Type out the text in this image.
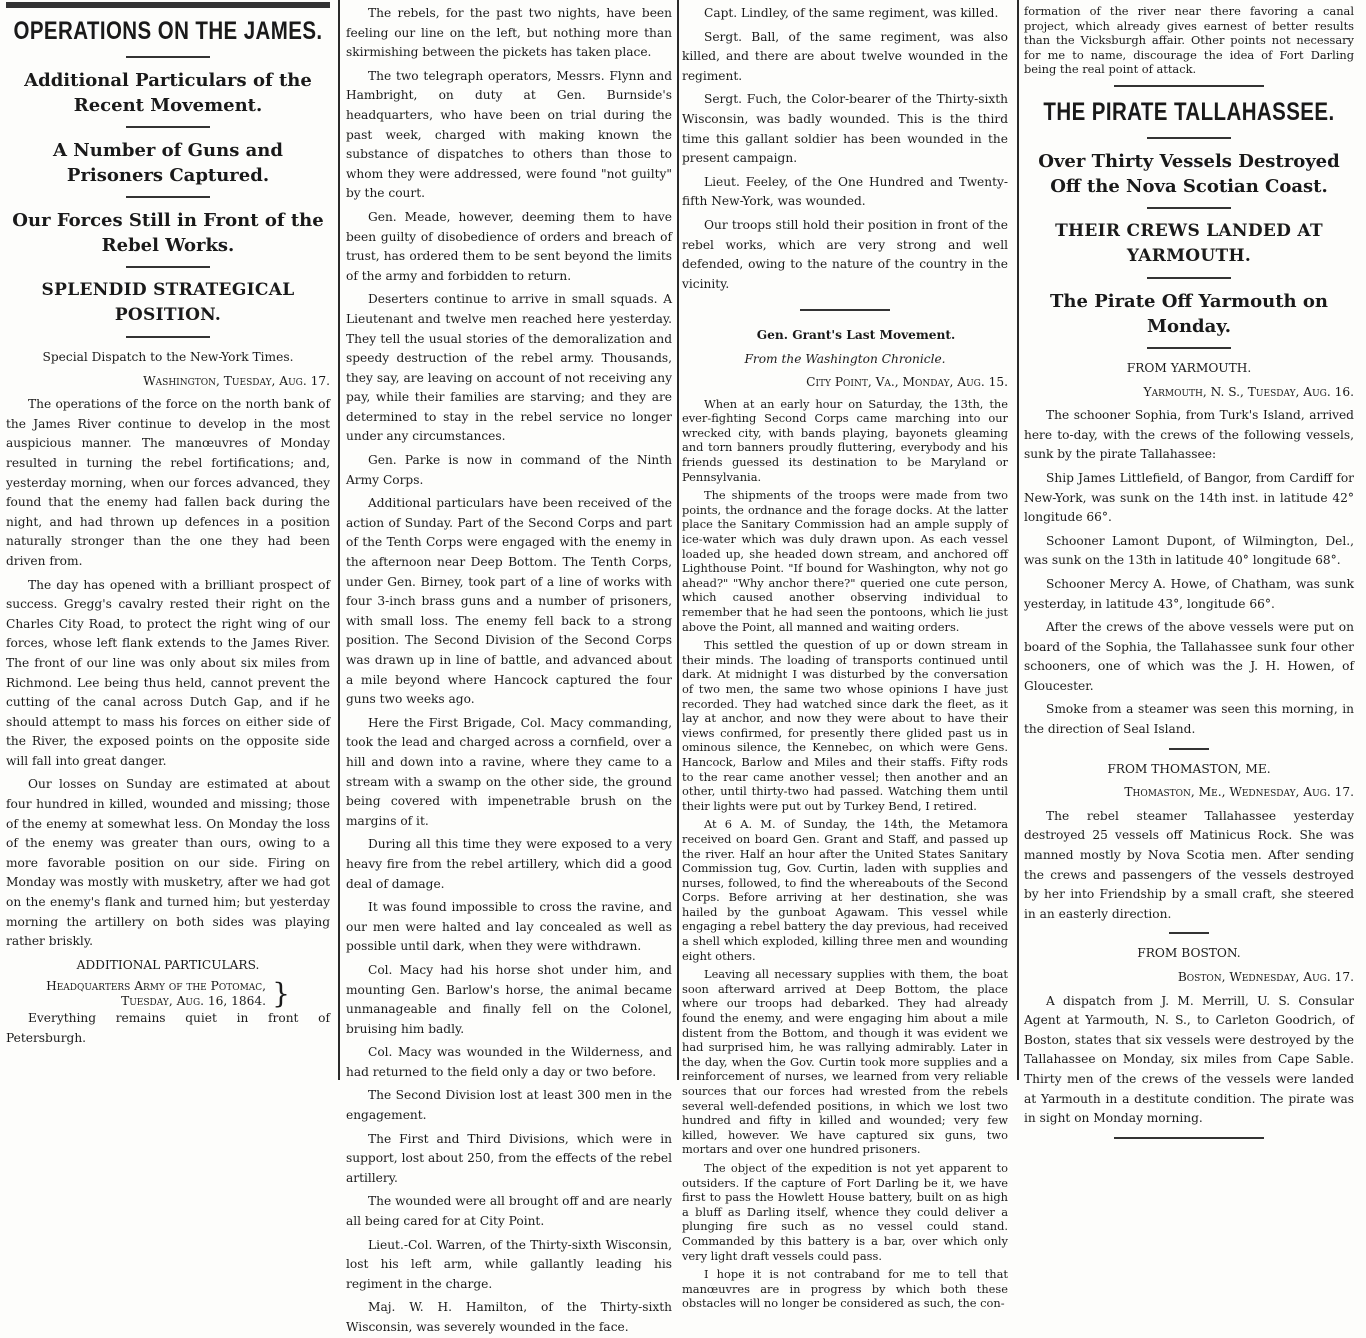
OPERATIONS ON THE JAMES.
Additional Particulars of the Recent Movement.
A Number of Guns and Prisoners Captured.
Our Forces Still in Front of the Rebel Works.
SPLENDID STRATEGICAL POSITION.

Special Dispatch to the New-York Times.

Washington, Tuesday, Aug. 17.

The operations of the force on the north bank of the James River continue to develop in the most auspicious manner. The manœuvres of Monday resulted in turning the rebel fortifications; and, yesterday morning, when our forces advanced, they found that the enemy had fallen back during the night, and had thrown up defences in a position naturally stronger than the one they had been driven from.

The day has opened with a brilliant prospect of success. Gregg's cavalry rested their right on the Charles City Road, to protect the right wing of our forces, whose left flank extends to the James River. The front of our line was only about six miles from Richmond. Lee being thus held, cannot prevent the cutting of the canal across Dutch Gap, and if he should attempt to mass his forces on either side of the River, the exposed points on the opposite side will fall into great danger.

Our losses on Sunday are estimated at about four hundred in killed, wounded and missing; those of the enemy at somewhat less. On Monday the loss of the enemy was greater than ours, owing to a more favorable position on our side. Firing on Monday was mostly with musketry, after we had got on the enemy's flank and turned him; but yesterday morning the artillery on both sides was playing rather briskly.

ADDITIONAL PARTICULARS.

Headquarters Army of the Potomac,
Tuesday, Aug. 16, 1864. }

Everything remains quiet in front of Petersburgh.

The rebels, for the past two nights, have been feeling our line on the left, but nothing more than skirmishing between the pickets has taken place.

The two telegraph operators, Messrs. Flynn and Hambright, on duty at Gen. Burnside's headquarters, who have been on trial during the past week, charged with making known the substance of dispatches to others than those to whom they were addressed, were found "not guilty" by the court.

Gen. Meade, however, deeming them to have been guilty of disobedience of orders and breach of trust, has ordered them to be sent beyond the limits of the army and forbidden to return.

Deserters continue to arrive in small squads. A Lieutenant and twelve men reached here yesterday. They tell the usual stories of the demoralization and speedy destruction of the rebel army. Thousands, they say, are leaving on account of not receiving any pay, while their families are starving; and they are determined to stay in the rebel service no longer under any circumstances.

Gen. Parke is now in command of the Ninth Army Corps.

Additional particulars have been received of the action of Sunday. Part of the Second Corps and part of the Tenth Corps were engaged with the enemy in the afternoon near Deep Bottom. The Tenth Corps, under Gen. Birney, took part of a line of works with four 3-inch brass guns and a number of prisoners, with small loss. The enemy fell back to a strong position. The Second Division of the Second Corps was drawn up in line of battle, and advanced about a mile beyond where Hancock captured the four guns two weeks ago.

Here the First Brigade, Col. Macy commanding, took the lead and charged across a cornfield, over a hill and down into a ravine, where they came to a stream with a swamp on the other side, the ground being covered with impenetrable brush on the margins of it.

During all this time they were exposed to a very heavy fire from the rebel artillery, which did a good deal of damage.

It was found impossible to cross the ravine, and our men were halted and lay concealed as well as possible until dark, when they were withdrawn.

Col. Macy had his horse shot under him, and mounting Gen. Barlow's horse, the animal became unmanageable and finally fell on the Colonel, bruising him badly.

Col. Macy was wounded in the Wilderness, and had returned to the field only a day or two before.

The Second Division lost at least 300 men in the engagement.

The First and Third Divisions, which were in support, lost about 250, from the effects of the rebel artillery.

The wounded were all brought off and are nearly all being cared for at City Point.

Lieut.-Col. Warren, of the Thirty-sixth Wisconsin, lost his left arm, while gallantly leading his regiment in the charge.

Maj. W. H. Hamilton, of the Thirty-sixth Wisconsin, was severely wounded in the face.

Capt. Lindley, of the same regiment, was killed.

Sergt. Ball, of the same regiment, was also killed, and there are about twelve wounded in the regiment.

Sergt. Fuch, the Color-bearer of the Thirty-sixth Wisconsin, was badly wounded. This is the third time this gallant soldier has been wounded in the present campaign.

Lieut. Feeley, of the One Hundred and Twenty-fifth New-York, was wounded.

Our troops still hold their position in front of the rebel works, which are very strong and well defended, owing to the nature of the country in the vicinity.

Gen. Grant's Last Movement.

From the Washington Chronicle.

City Point, Va., Monday, Aug. 15.

When at an early hour on Saturday, the 13th, the ever-fighting Second Corps came marching into our wrecked city, with bands playing, bayonets gleaming and torn banners proudly fluttering, everybody and his friends guessed its destination to be Maryland or Pennsylvania.

The shipments of the troops were made from two points, the ordnance and the forage docks. At the latter place the Sanitary Commission had an ample supply of ice-water which was duly drawn upon. As each vessel loaded up, she headed down stream, and anchored off Lighthouse Point. "If bound for Washington, why not go ahead?" "Why anchor there?" queried one cute person, which caused another observing individual to remember that he had seen the pontoons, which lie just above the Point, all manned and waiting orders.

This settled the question of up or down stream in their minds. The loading of transports continued until dark. At midnight I was disturbed by the conversation of two men, the same two whose opinions I have just recorded. They had watched since dark the fleet, as it lay at anchor, and now they were about to have their views confirmed, for presently there glided past us in ominous silence, the Kennebec, on which were Gens. Hancock, Barlow and Miles and their staffs. Fifty rods to the rear came another vessel; then another and an other, until thirty-two had passed. Watching them until their lights were put out by Turkey Bend, I retired.

At 6 A. M. of Sunday, the 14th, the Metamora received on board Gen. Grant and Staff, and passed up the river. Half an hour after the United States Sanitary Commission tug, Gov. Curtin, laden with supplies and nurses, followed, to find the whereabouts of the Second Corps. Before arriving at her destination, she was hailed by the gunboat Agawam. This vessel while engaging a rebel battery the day previous, had received a shell which exploded, killing three men and wounding eight others.

Leaving all necessary supplies with them, the boat soon afterward arrived at Deep Bottom, the place where our troops had debarked. They had already found the enemy, and were engaging him about a mile distent from the Bottom, and though it was evident we had surprised him, he was rallying admirably. Later in the day, when the Gov. Curtin took more supplies and a reinforcement of nurses, we learned from very reliable sources that our forces had wrested from the rebels several well-defended positions, in which we lost two hundred and fifty in killed and wounded; very few killed, however. We have captured six guns, two mortars and over one hundred prisoners.

The object of the expedition is not yet apparent to outsiders. If the capture of Fort Darling be it, we have first to pass the Howlett House battery, built on as high a bluff as Darling itself, whence they could deliver a plunging fire such as no vessel could stand. Commanded by this battery is a bar, over which only very light draft vessels could pass.

I hope it is not contraband for me to tell that manœuvres are in progress by which both these obstacles will no longer be considered as such, the con-

formation of the river near there favoring a canal project, which already gives earnest of better results than the Vicksburgh affair. Other points not necessary for me to name, discourage the idea of Fort Darling being the real point of attack.

THE PIRATE TALLAHASSEE.
Over Thirty Vessels Destroyed Off the Nova Scotian Coast.
THEIR CREWS LANDED AT YARMOUTH.
The Pirate Off Yarmouth on Monday.

FROM YARMOUTH.

Yarmouth, N. S., Tuesday, Aug. 16.

The schooner Sophia, from Turk's Island, arrived here to-day, with the crews of the following vessels, sunk by the pirate Tallahassee:

Ship James Littlefield, of Bangor, from Cardiff for New-York, was sunk on the 14th inst. in latitude 42° longitude 66°.

Schooner Lamont Dupont, of Wilmington, Del., was sunk on the 13th in latitude 40° longitude 68°.

Schooner Mercy A. Howe, of Chatham, was sunk yesterday, in latitude 43°, longitude 66°.

After the crews of the above vessels were put on board of the Sophia, the Tallahassee sunk four other schooners, one of which was the J. H. Howen, of Gloucester.

Smoke from a steamer was seen this morning, in the direction of Seal Island.

FROM THOMASTON, ME.

Thomaston, Me., Wednesday, Aug. 17.

The rebel steamer Tallahassee yesterday destroyed 25 vessels off Matinicus Rock. She was manned mostly by Nova Scotia men. After sending the crews and passengers of the vessels destroyed by her into Friendship by a small craft, she steered in an easterly direction.

FROM BOSTON.

Boston, Wednesday, Aug. 17.

A dispatch from J. M. Merrill, U. S. Consular Agent at Yarmouth, N. S., to Carleton Goodrich, of Boston, states that six vessels were destroyed by the Tallahassee on Monday, six miles from Cape Sable. Thirty men of the crews of the vessels were landed at Yarmouth in a destitute condition. The pirate was in sight on Monday morning.
